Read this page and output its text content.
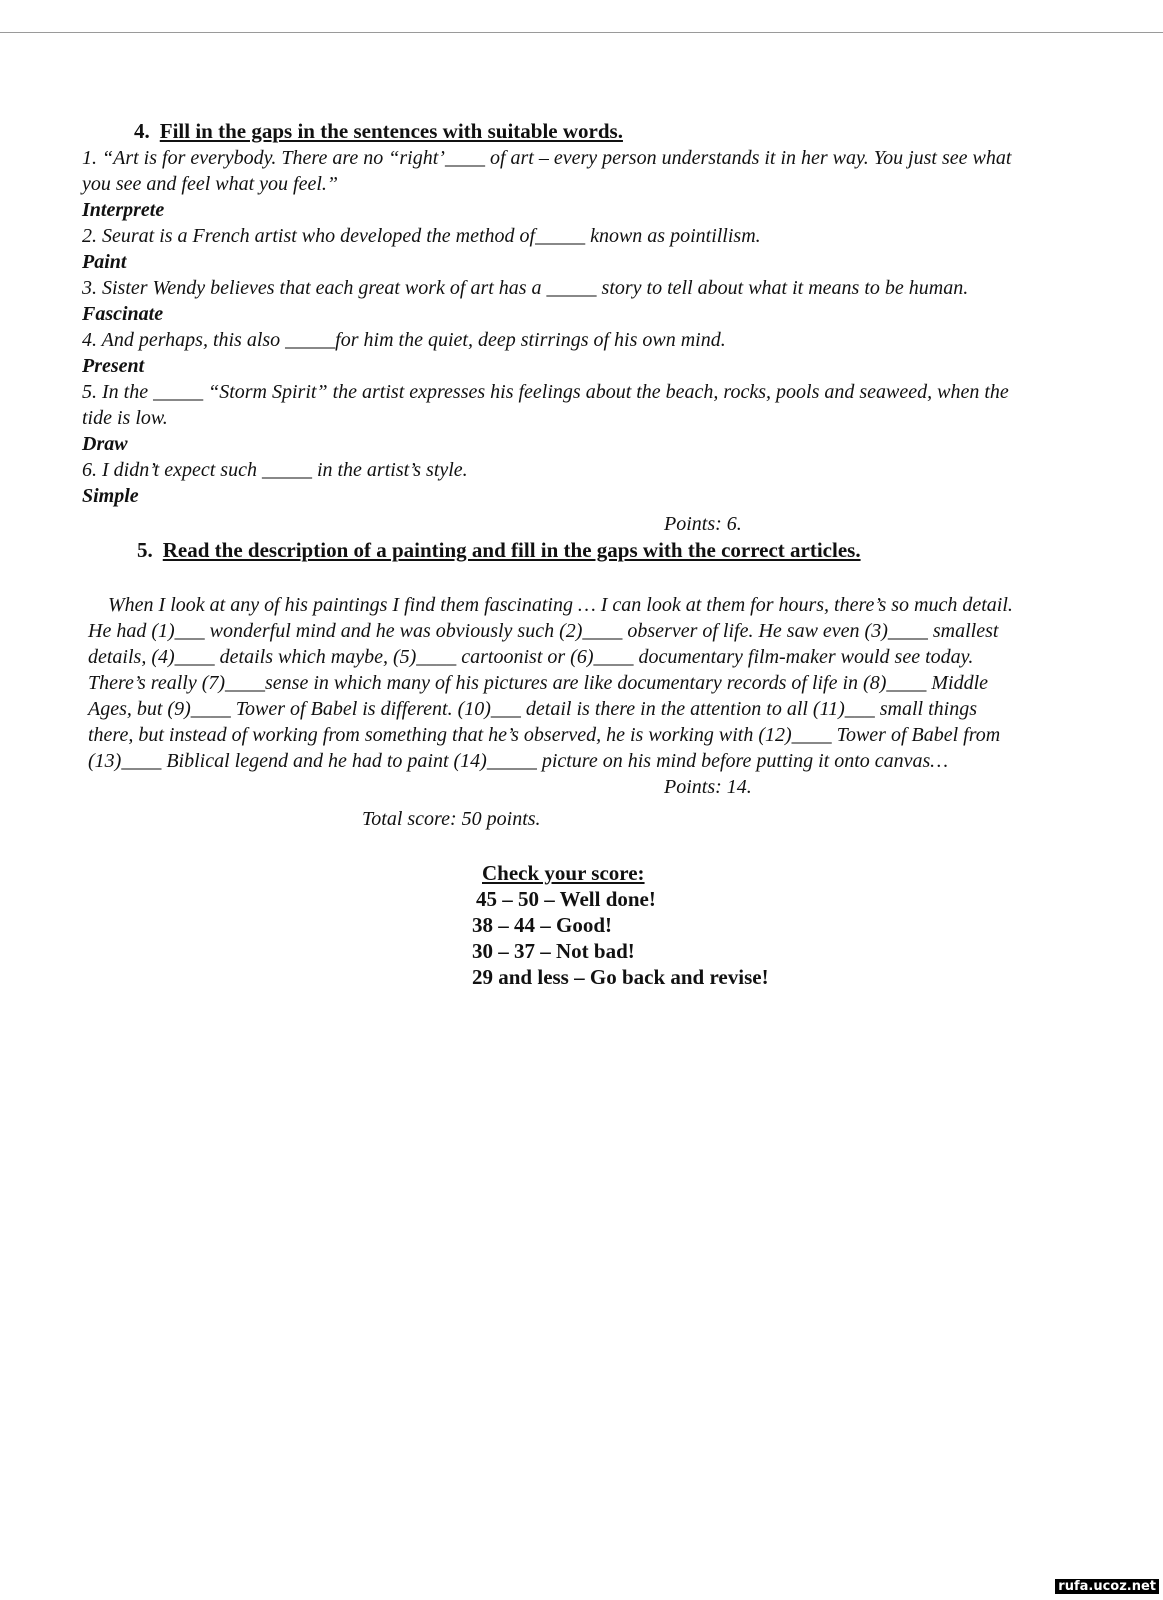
4. Fill in the gaps in the sentences with suitable words.

1. “Art is for everybody. There are no “right’____ of art – every person understands it in her way. You just see what you see and feel what you feel.”

Interprete

2. Seurat is a French artist who developed the method of_____ known as pointillism.

Paint

3. Sister Wendy believes that each great work of art has a _____ story to tell about what it means to be human.

Fascinate

4. And perhaps, this also _____for him the quiet, deep stirrings of his own mind.

Present

5. In the _____ “Storm Spirit” the artist expresses his feelings about the beach, rocks, pools and seaweed, when the tide is low.

Draw

6. I didn’t expect such _____ in the artist’s style.

Simple

Points: 6.

5. Read the description of a painting and fill in the gaps with the correct articles.

When I look at any of his paintings I find them fascinating … I can look at them for hours, there’s so much detail. He had (1)___ wonderful mind and he was obviously such (2)____ observer of life. He saw even (3)____ smallest details, (4)____ details which maybe, (5)____ cartoonist or (6)____ documentary film-maker would see today. There’s really (7)____sense in which many of his pictures are like documentary records of life in (8)____ Middle Ages, but (9)____ Tower of Babel is different. (10)___ detail is there in the attention to all (11)___ small things there, but instead of working from something that he’s observed, he is working with (12)____ Tower of Babel from (13)____ Biblical legend and he had to paint (14)_____ picture on his mind before putting it onto canvas…

Points: 14.

Total score: 50 points.

Check your score:

45 – 50 – Well done!

38 – 44 – Good!

30 – 37 – Not bad!

29 and less – Go back and revise!

rufa.ucoz.net
